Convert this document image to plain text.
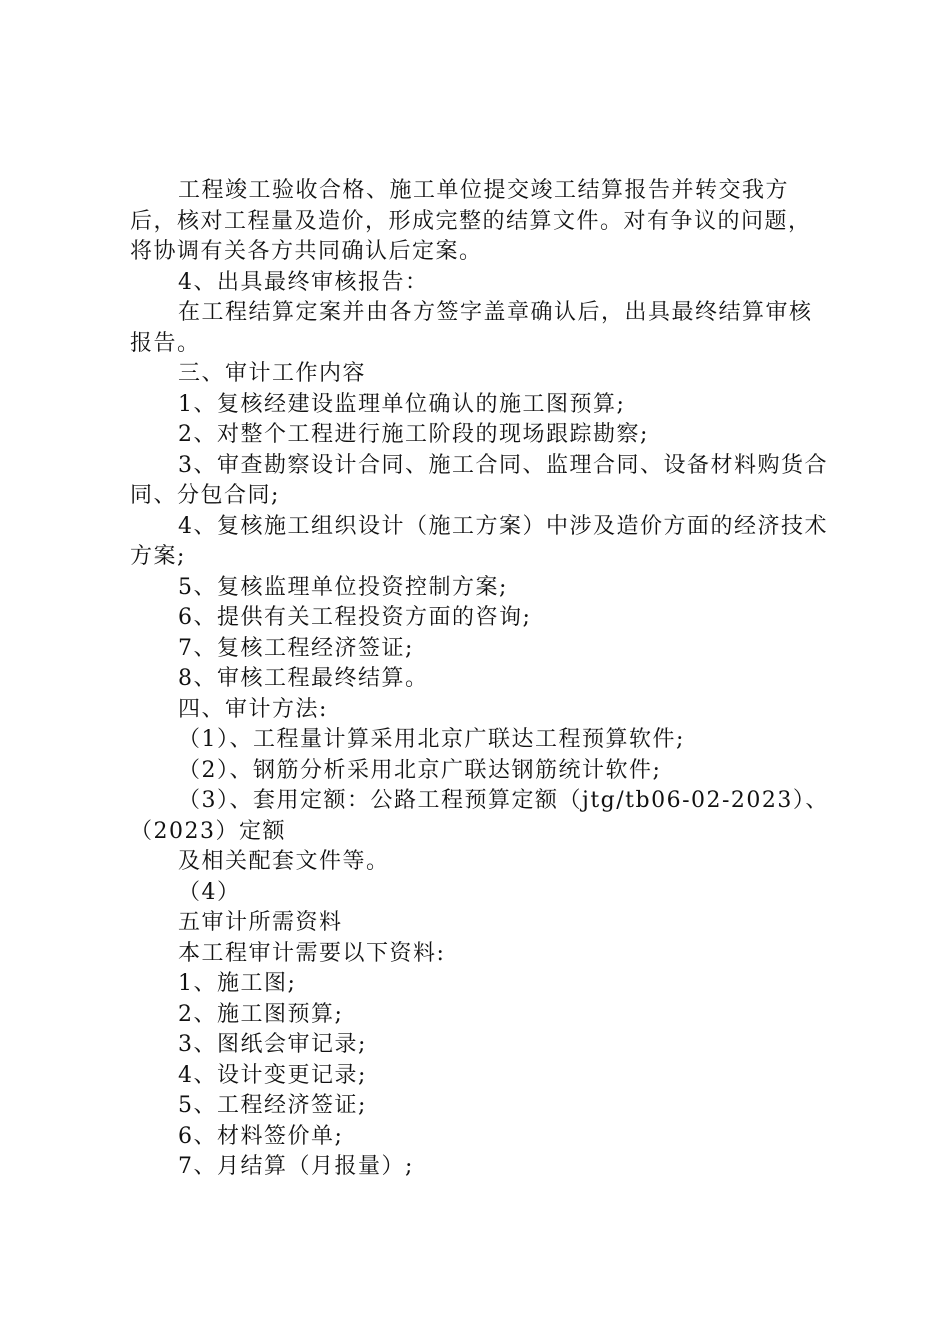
工程竣工验收合格、施工单位提交竣工结算报告并转交我方后，核对工程量及造价，形成完整的结算文件。对有争议的问题，将协调有关各方共同确认后定案。

4、出具最终审核报告：

在工程结算定案并由各方签字盖章确认后，出具最终结算审核报告。

三、审计工作内容

1、复核经建设监理单位确认的施工图预算;

2、对整个工程进行施工阶段的现场跟踪勘察;

3、审查勘察设计合同、施工合同、监理合同、设备材料购货合同、分包合同;

4、复核施工组织设计（施工方案）中涉及造价方面的经济技术方案;

5、复核监理单位投资控制方案;

6、提供有关工程投资方面的咨询;

7、复核工程经济签证;

8、审核工程最终结算。

四、审计方法:

（1）、工程量计算采用北京广联达工程预算软件;

（2）、钢筋分析采用北京广联达钢筋统计软件;

（3）、套用定额：公路工程预算定额（jtg/tb06-02-2023）、（2023）定额

及相关配套文件等。

（4）

五审计所需资料

本工程审计需要以下资料:

1、施工图;

2、施工图预算;

3、图纸会审记录;

4、设计变更记录;

5、工程经济签证;

6、材料签价单;

7、月结算（月报量）;
